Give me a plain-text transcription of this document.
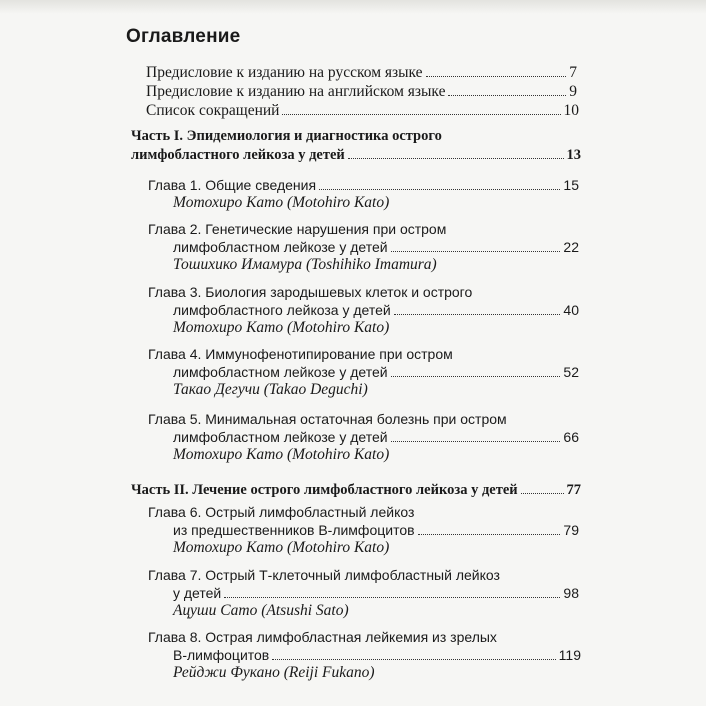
Оглавление
Предисловие к изданию на русском языке	7
Предисловие к изданию на английском языке	9
Список сокращений	10
Часть I. Эпидемиология и диагностика острого
лимфобластного лейкоза у детей	13
Глава 1. Общие сведения	15
Мотохиро Като (Motohiro Kato)
Глава 2. Генетические нарушения при остром
лимфобластном лейкозе у детей	22
Тошихико Имамура (Toshihiko Imamura)
Глава 3. Биология зародышевых клеток и острого
лимфобластного лейкоза у детей	40
Мотохиро Като (Motohiro Kato)
Глава 4. Иммунофенотипирование при остром
лимфобластном лейкозе у детей	52
Такао Дегучи (Takao Deguchi)
Глава 5. Минимальная остаточная болезнь при остром
лимфобластном лейкозе у детей	66
Мотохиро Като (Motohiro Kato)
Часть II. Лечение острого лимфобластного лейкоза у детей	77
Глава 6. Острый лимфобластный лейкоз
из предшественников В-лимфоцитов	79
Мотохиро Като (Motohiro Kato)
Глава 7. Острый Т-клеточный лимфобластный лейкоз
у детей	98
Ацуши Сато (Atsushi Sato)
Глава 8. Острая лимфобластная лейкемия из зрелых
В-лимфоцитов	119
Рейджи Фукано (Reiji Fukano)
